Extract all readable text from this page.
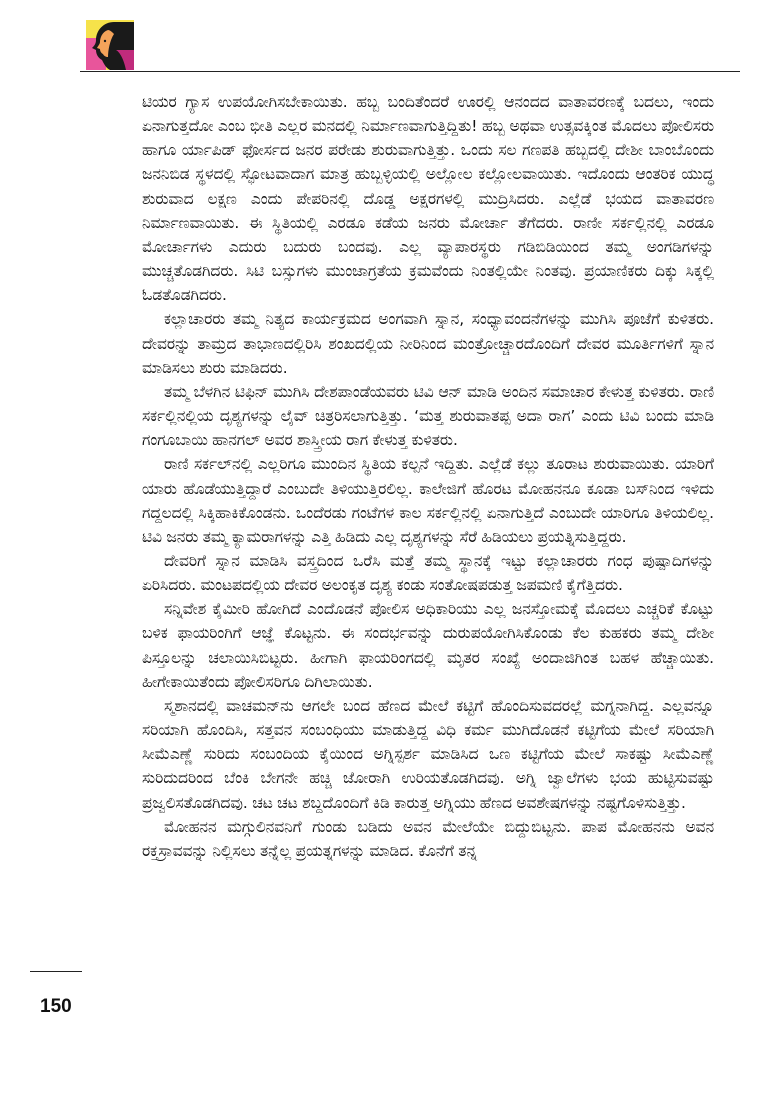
ಟಿಯರ ಗ್ಯಾಸ ಉಪಯೋಗಿಸಬೇಕಾಯಿತು. ಹಬ್ಬ ಬಂದಿತೆಂದರೆ ಊರಲ್ಲಿ ಆನಂದದ ವಾತಾವರಣಕ್ಕೆ ಬದಲು, ಇಂದು ಏನಾಗುತ್ತದೋ ಎಂಬ ಭೀತಿ ಎಲ್ಲರ ಮನದಲ್ಲಿ ನಿರ್ಮಾಣವಾಗುತ್ತಿದ್ದಿತು! ಹಬ್ಬ ಅಥವಾ ಉತ್ಸವಕ್ಕಿಂತ ಮೊದಲು ಪೋಲಿಸರು ಹಾಗೂ ರ್ಯಾಪಿಡ್ ಫೋರ್ಸದ ಜನರ ಪರೇಡು ಶುರುವಾಗುತ್ತಿತ್ತು. ಒಂದು ಸಲ ಗಣಪತಿ ಹಬ್ಬದಲ್ಲಿ ದೇಶೀ ಬಾಂಬೊಂದು ಜನನಿಬಿಡ ಸ್ಥಳದಲ್ಲಿ ಸ್ಫೋಟವಾದಾಗ ಮಾತ್ರ ಹುಬ್ಬಳ್ಳಿಯಲ್ಲಿ ಅಲ್ಲೋಲ ಕಲ್ಲೋಲವಾಯಿತು. ಇದೊಂದು ಆಂತರಿಕ ಯುದ್ಧ ಶುರುವಾದ ಲಕ್ಷಣ ಎಂದು ಪೇಪರಿನಲ್ಲಿ ದೊಡ್ಡ ಅಕ್ಷರಗಳಲ್ಲಿ ಮುದ್ರಿಸಿದರು. ಎಲ್ಲೆಡೆ ಭಯದ ವಾತಾವರಣ ನಿರ್ಮಾಣವಾಯಿತು. ಈ ಸ್ಥಿತಿಯಲ್ಲಿ ಎರಡೂ ಕಡೆಯ ಜನರು ಮೋರ್ಚಾ ತೆಗೆದರು. ರಾಣೀ ಸರ್ಕಲ್ಲಿನಲ್ಲಿ ಎರಡೂ ಮೋರ್ಚಾಗಳು ಎದುರು ಬದುರು ಬಂದವು. ಎಲ್ಲ ವ್ಯಾಪಾರಸ್ಥರು ಗಡಿಬಿಡಿಯಿಂದ ತಮ್ಮ ಅಂಗಡಿಗಳನ್ನು ಮುಚ್ಚತೊಡಗಿದರು. ಸಿಟಿ ಬಸ್ಸುಗಳು ಮುಂಜಾಗ್ರತೆಯ ಕ್ರಮವೆಂದು ನಿಂತಲ್ಲಿಯೇ ನಿಂತವು. ಪ್ರಯಾಣಿಕರು ದಿಕ್ಕು ಸಿಕ್ಕಲ್ಲಿ ಓಡತೊಡಗಿದರು.

ಕಲ್ಲಾಚಾರರು ತಮ್ಮ ನಿತ್ಯದ ಕಾರ್ಯಕ್ರಮದ ಅಂಗವಾಗಿ ಸ್ನಾನ, ಸಂಧ್ಯಾವಂದನೆಗಳನ್ನು ಮುಗಿಸಿ ಪೂಜೆಗೆ ಕುಳಿತರು. ದೇವರನ್ನು ತಾಮ್ರದ ತಾಭಾಣದಲ್ಲಿರಿಸಿ ಶಂಖದಲ್ಲಿಯ ನೀರಿನಿಂದ ಮಂತ್ರೋಚ್ಚಾರದೊಂದಿಗೆ ದೇವರ ಮೂರ್ತಿಗಳಿಗೆ ಸ್ನಾನ ಮಾಡಿಸಲು ಶುರು ಮಾಡಿದರು.

ತಮ್ಮ ಬೆಳಗಿನ ಟಿಫಿನ್ ಮುಗಿಸಿ ದೇಶಪಾಂಡೆಯವರು ಟಿವಿ ಆನ್ ಮಾಡಿ ಅಂದಿನ ಸಮಾಚಾರ ಕೇಳುತ್ತ ಕುಳಿತರು. ರಾಣಿ ಸರ್ಕಲ್ಲಿನಲ್ಲಿಯ ದೃಶ್ಯಗಳನ್ನು ಲೈವ್ ಚಿತ್ರರಿಸಲಾಗುತ್ತಿತ್ತು. ‘ಮತ್ತ ಶುರುವಾತಪ್ಪ ಅದಾ ರಾಗ’ ಎಂದು ಟಿವಿ ಬಂದು ಮಾಡಿ ಗಂಗೂಬಾಯಿ ಹಾನಗಲ್ ಅವರ ಶಾಸ್ತ್ರೀಯ ರಾಗ ಕೇಳುತ್ತ ಕುಳಿತರು.

ರಾಣಿ ಸರ್ಕಲ್‌ನಲ್ಲಿ ಎಲ್ಲರಿಗೂ ಮುಂದಿನ ಸ್ಥಿತಿಯ ಕಲ್ಪನೆ ಇದ್ದಿತು. ಎಲ್ಲೆಡೆ ಕಲ್ಲು ತೂರಾಟ ಶುರುವಾಯಿತು. ಯಾರಿಗೆ ಯಾರು ಹೊಡೆಯುತ್ತಿದ್ದಾರೆ ಎಂಬುದೇ ತಿಳಿಯುತ್ತಿರಲಿಲ್ಲ. ಕಾಲೇಜಿಗೆ ಹೊರಟ ಮೋಹನನೂ ಕೂಡಾ ಬಸ್‌ನಿಂದ ಇಳಿದು ಗದ್ದಲದಲ್ಲಿ ಸಿಕ್ಕಿಹಾಕಿಕೊಂಡನು. ಒಂದೆರಡು ಗಂಟೆಗಳ ಕಾಲ ಸರ್ಕಲ್ಲಿನಲ್ಲಿ ಏನಾಗುತ್ತಿದೆ ಎಂಬುದೇ ಯಾರಿಗೂ ತಿಳಿಯಲಿಲ್ಲ. ಟಿವಿ ಜನರು ತಮ್ಮ ಕ್ಯಾಮರಾಗಳನ್ನು ಎತ್ತಿ ಹಿಡಿದು ಎಲ್ಲ ದೃಶ್ಯಗಳನ್ನು ಸೆರೆ ಹಿಡಿಯಲು ಪ್ರಯತ್ನಿಸುತ್ತಿದ್ದರು.

ದೇವರಿಗೆ ಸ್ನಾನ ಮಾಡಿಸಿ ವಸ್ತ್ರದಿಂದ ಒರೆಸಿ ಮತ್ತೆ ತಮ್ಮ ಸ್ಥಾನಕ್ಕೆ ಇಟ್ಟು ಕಲ್ಲಾಚಾರರು ಗಂಧ ಪುಷ್ಪಾದಿಗಳನ್ನು ಏರಿಸಿದರು. ಮಂಟಪದಲ್ಲಿಯ ದೇವರ ಅಲಂಕೃತ ದೃಶ್ಯ ಕಂಡು ಸಂತೋಷಪಡುತ್ತ ಜಪಮಣಿ ಕೈಗೆತ್ತಿದರು.

ಸನ್ನಿವೇಶ ಕೈಮೀರಿ ಹೋಗಿದೆ ಎಂದೊಡನೆ ಪೋಲಿಸ ಅಧಿಕಾರಿಯು ಎಲ್ಲ ಜನಸ್ತೋಮಕ್ಕೆ ಮೊದಲು ಎಚ್ಚರಿಕೆ ಕೊಟ್ಟು ಬಳಿಕ ಫಾಯರಿಂಗಿಗೆ ಆಜ್ಞೆ ಕೊಟ್ಟನು. ಈ ಸಂದರ್ಭವನ್ನು ದುರುಪಯೋಗಿಸಿಕೊಂಡು ಕೆಲ ಕುಹಕರು ತಮ್ಮ ದೇಶೀ ಪಿಸ್ತೂಲನ್ನು ಚಲಾಯಿಸಿಬಿಟ್ಟರು. ಹೀಗಾಗಿ ಫಾಯರಿಂಗದಲ್ಲಿ ಮೃತರ ಸಂಖ್ಯೆ ಅಂದಾಜಿಗಿಂತ ಬಹಳ ಹೆಚ್ಚಾಯಿತು. ಹೀಗೇಕಾಯಿತೆಂದು ಪೋಲಿಸರಿಗೂ ದಿಗಿಲಾಯಿತು.

ಸ್ಮಶಾನದಲ್ಲಿ ವಾಚಮನ್‌ನು ಆಗಲೇ ಬಂದ ಹೆಣದ ಮೇಲೆ ಕಟ್ಟಿಗೆ ಹೊಂದಿಸುವದರಲ್ಲೆ ಮಗ್ನನಾಗಿದ್ದ. ಎಲ್ಲವನ್ನೂ ಸರಿಯಾಗಿ ಹೊಂದಿಸಿ, ಸತ್ತವನ ಸಂಬಂಧಿಯು ಮಾಡುತ್ತಿದ್ದ ವಿಧಿ ಕರ್ಮ ಮುಗಿದೊಡನೆ ಕಟ್ಟಿಗೆಯ ಮೇಲೆ ಸರಿಯಾಗಿ ಸೀಮೆಎಣ್ಣೆ ಸುರಿದು ಸಂಬಂದಿಯ ಕೈಯಿಂದ ಅಗ್ನಿಸ್ಪರ್ಶ ಮಾಡಿಸಿದ ಒಣ ಕಟ್ಟಿಗೆಯ ಮೇಲೆ ಸಾಕಷ್ಟು ಸೀಮೆಎಣ್ಣೆ ಸುರಿದುದರಿಂದ ಬೆಂಕಿ ಬೇಗನೇ ಹಚ್ಚಿ ಜೋರಾಗಿ ಉರಿಯತೊಡಗಿದವು. ಅಗ್ನಿ ಜ್ವಾಲೆಗಳು ಭಯ ಹುಟ್ಟಿಸುವಷ್ಟು ಪ್ರಜ್ವಲಿಸತೊಡಗಿದವು. ಚಟ ಚಟ ಶಬ್ದದೊಂದಿಗೆ ಕಿಡಿ ಕಾರುತ್ತ ಅಗ್ನಿಯು ಹೆಣದ ಅವಶೇಷಗಳನ್ನು ನಷ್ಟಗೊಳಿಸುತ್ತಿತ್ತು.

ಮೋಹನನ ಮಗ್ಗುಲಿನವನಿಗೆ ಗುಂಡು ಬಡಿದು ಅವನ ಮೇಲೆಯೇ ಬಿದ್ದುಬಿಟ್ಟನು. ಪಾಪ ಮೋಹನನು ಅವನ ರಕ್ತಸ್ರಾವವನ್ನು ನಿಲ್ಲಿಸಲು ತನ್ನೆಲ್ಲ ಪ್ರಯತ್ನಗಳನ್ನು ಮಾಡಿದ. ಕೊನೆಗೆ ತನ್ನ

150
